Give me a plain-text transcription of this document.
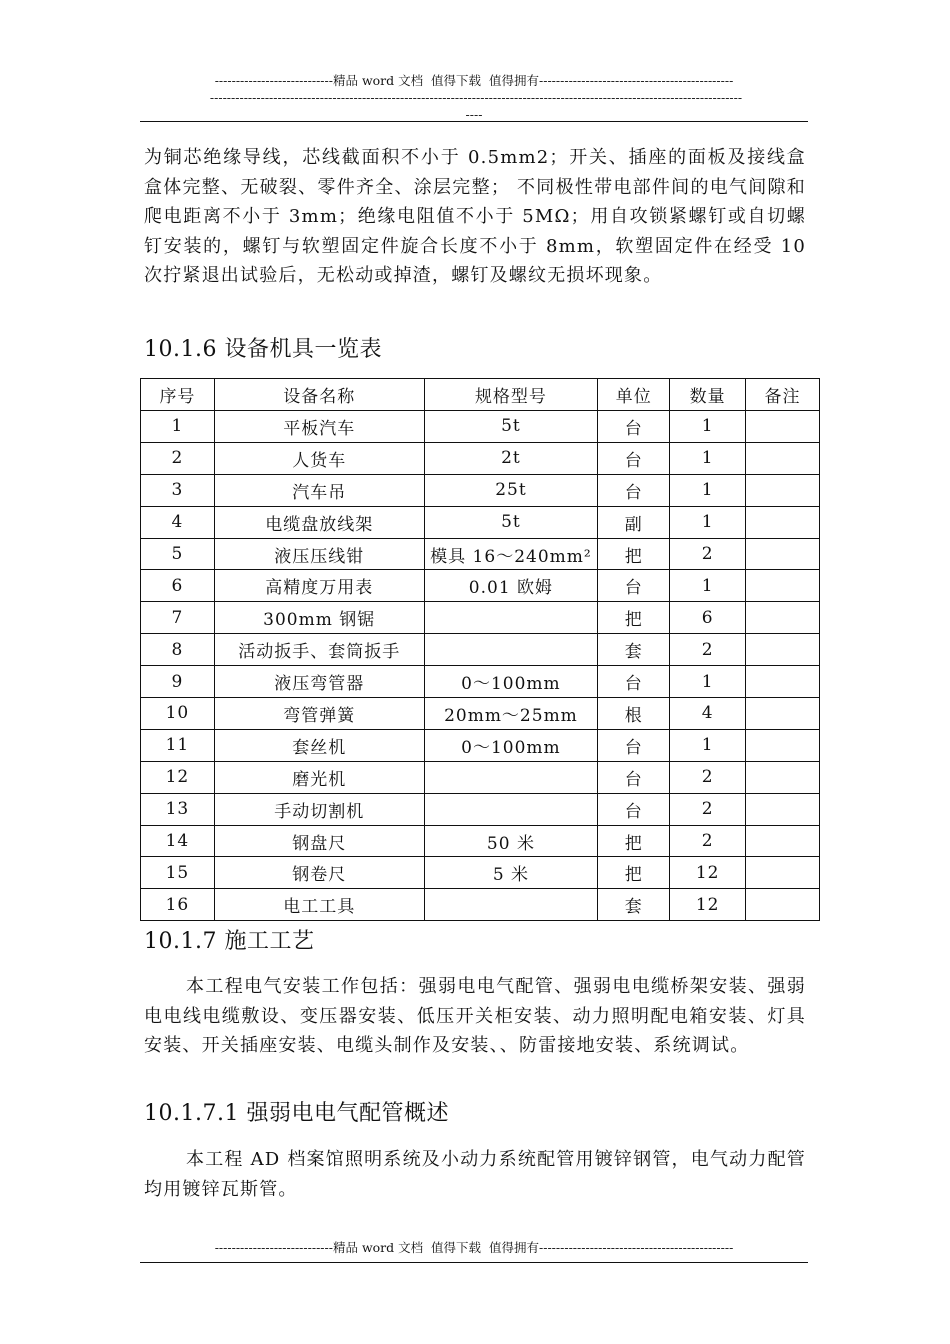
----------------------------精品 word 文档  值得下载  值得拥有----------------------------------------------
------------------------------------------------------------------------------------------------------------------------------
----
为铜芯绝缘导线，芯线截面积不小于 0.5mm2；开关、插座的面板及接线盒盒体完整、无破裂、零件齐全、涂层完整； 不同极性带电部件间的电气间隙和爬电距离不小于 3mm；绝缘电阻值不小于 5MΩ；用自攻锁紧螺钉或自切螺钉安装的，螺钉与软塑固定件旋合长度不小于 8mm，软塑固定件在经受 10 次拧紧退出试验后，无松动或掉渣，螺钉及螺纹无损坏现象。
10.1.6 设备机具一览表
序号	设备名称	规格型号	单位	数量	备注
1	平板汽车	5t	台	1	
2	人货车	2t	台	1	
3	汽车吊	25t	台	1	
4	电缆盘放线架	5t	副	1	
5	液压压线钳	模具 16～240mm²	把	2	
6	高精度万用表	0.01 欧姆	台	1	
7	300mm 钢锯		把	6	
8	活动扳手、套筒扳手		套	2	
9	液压弯管器	0～100mm	台	1	
10	弯管弹簧	20mm～25mm	根	4	
11	套丝机	0～100mm	台	1	
12	磨光机		台	2	
13	手动切割机		台	2	
14	钢盘尺	50 米	把	2	
15	钢卷尺	5 米	把	12	
16	电工工具		套	12	
10.1.7 施工工艺
本工程电气安装工作包括：强弱电电气配管、强弱电电缆桥架安装、强弱电电线电缆敷设、变压器安装、低压开关柜安装、动力照明配电箱安装、灯具安装、开关插座安装、电缆头制作及安装、、防雷接地安装、系统调试。
10.1.7.1 强弱电电气配管概述
本工程 AD 档案馆照明系统及小动力系统配管用镀锌钢管，电气动力配管均用镀锌瓦斯管。
----------------------------精品 word 文档  值得下载  值得拥有----------------------------------------------
